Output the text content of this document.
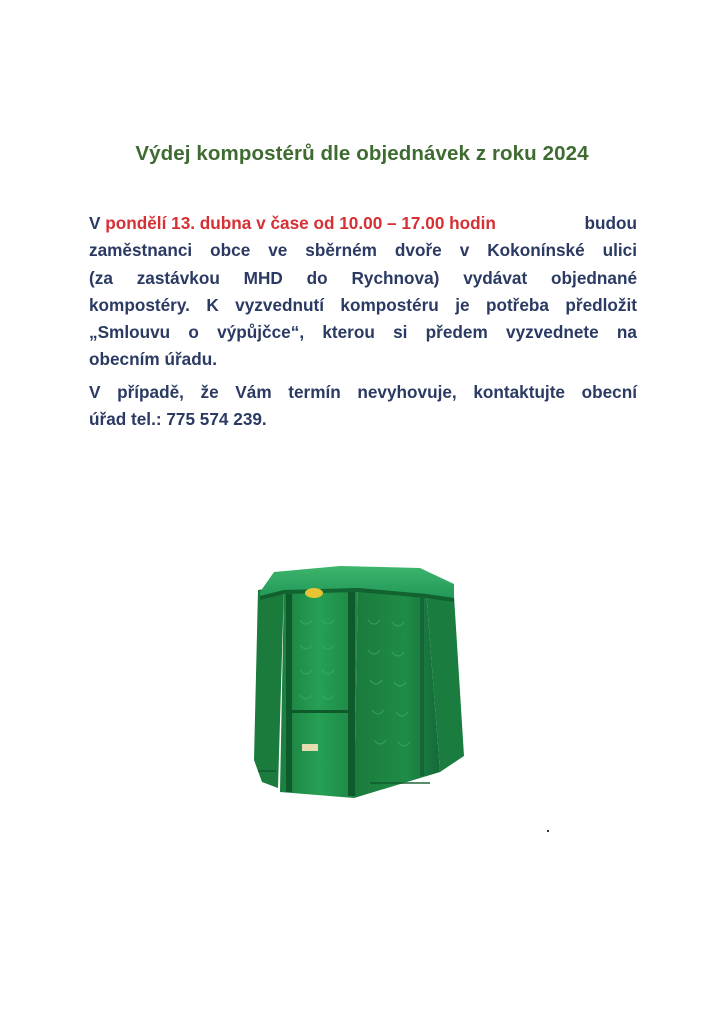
Výdej kompostérů dle objednávek z roku 2024
V pondělí 13. dubna v čase od 10.00 – 17.00 hodin	budou
zaměstnanci obce ve sběrném dvoře v Kokonínské ulici
(za zastávkou MHD do Rychnova) vydávat objednané
kompostéry. K vyzvednutí kompostéru je potřeba předložit
„Smlouvu o výpůjčce“, kterou si předem vyzvednete na
obecním úřadu.
V případě, že Vám termín nevyhovuje, kontaktujte obecní
úřad tel.: 775 574 239.
